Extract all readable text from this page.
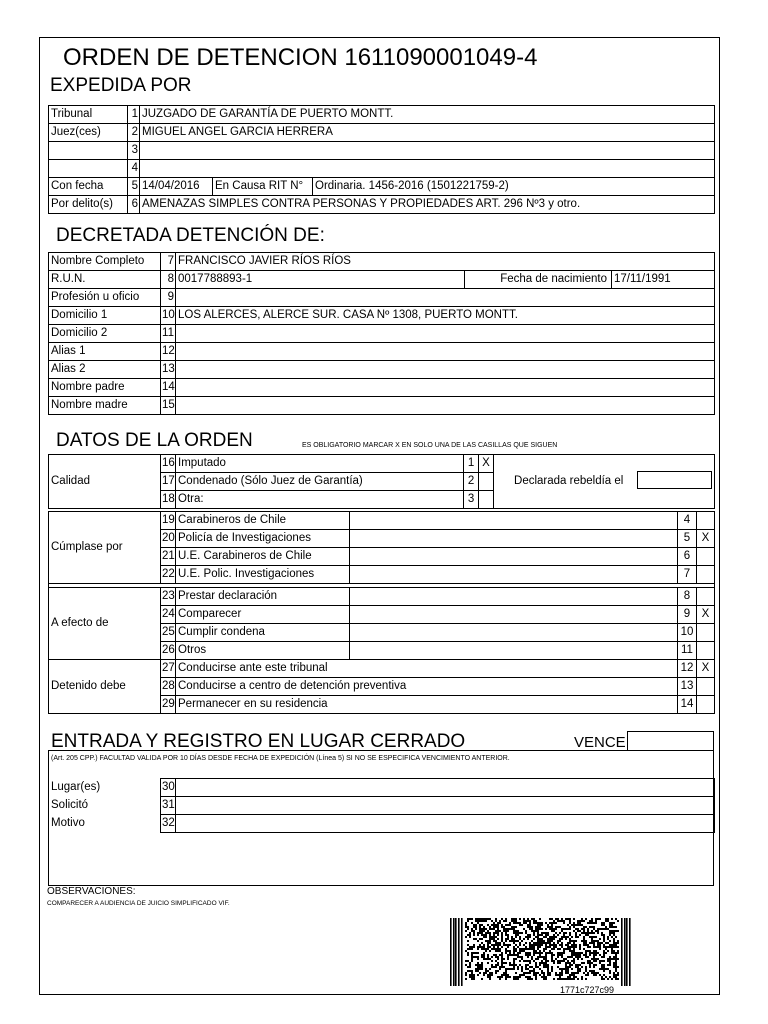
ORDEN DE DETENCION 1611090001049-4
EXPEDIDA POR
Tribunal	1	JUZGADO DE GARANTÍA DE PUERTO MONTT.		
Juez(ces)	2	MIGUEL ANGEL GARCIA HERRERA		
	3			
	4			
Con fecha	5	14/04/2016	En Causa RIT N°	Ordinaria. 1456-2016 (1501221759-2)
Por delito(s)	6	AMENAZAS SIMPLES CONTRA PERSONAS Y PROPIEDADES ART. 296 Nº3 y otro.		
DECRETADA DETENCIÓN DE:
Nombre Completo	7	FRANCISCO JAVIER RÍOS RÍOS		
R.U.N.	8	0017788893-1	Fecha de nacimiento	17/11/1991
Profesión u oficio	9			
Domicilio 1	10	LOS ALERCES, ALERCE SUR. CASA Nº 1308, PUERTO MONTT.		
Domicilio 2	11			
Alias 1	12			
Alias 2	13			
Nombre padre	14			
Nombre madre	15			
DATOS DE LA ORDEN	ES OBLIGATORIO MARCAR X EN SOLO UNA DE LAS CASILLAS QUE SIGUEN
Calidad	16	Imputado	1	X	Declarada rebeldía el

	17	Condenado (Sólo Juez de Garantía)	2		
	18	Otra:	3		
Cúmplase por	19	Carabineros de Chile		4	
	20	Policía de Investigaciones		5	X
	21	U.E. Carabineros de Chile		6	
	22	U.E. Polic. Investigaciones		7	

A efecto de	23	Prestar declaración		8	
	24	Comparecer		9	X
	25	Cumplir condena		10	
	26	Otros		11	
Detenido debe	27	Conducirse ante este tribunal		12	X
	28	Conducirse a centro de detención preventiva		13	
	29	Permanecer en su residencia		14	
ENTRADA Y REGISTRO EN LUGAR CERRADO	VENCE
(Art. 205 CPP.) FACULTAD VALIDA POR 10 DÍAS DESDE FECHA DE EXPEDICIÓN (Línea 5) SI NO SE ESPECIFICA VENCIMIENTO ANTERIOR.
Lugar(es)	30	
Solicitó	31	
Motivo	32	
OBSERVACIONES:
COMPARECER A AUDIENCIA DE JUICIO SIMPLIFICADO VIF.
1771c727c99
